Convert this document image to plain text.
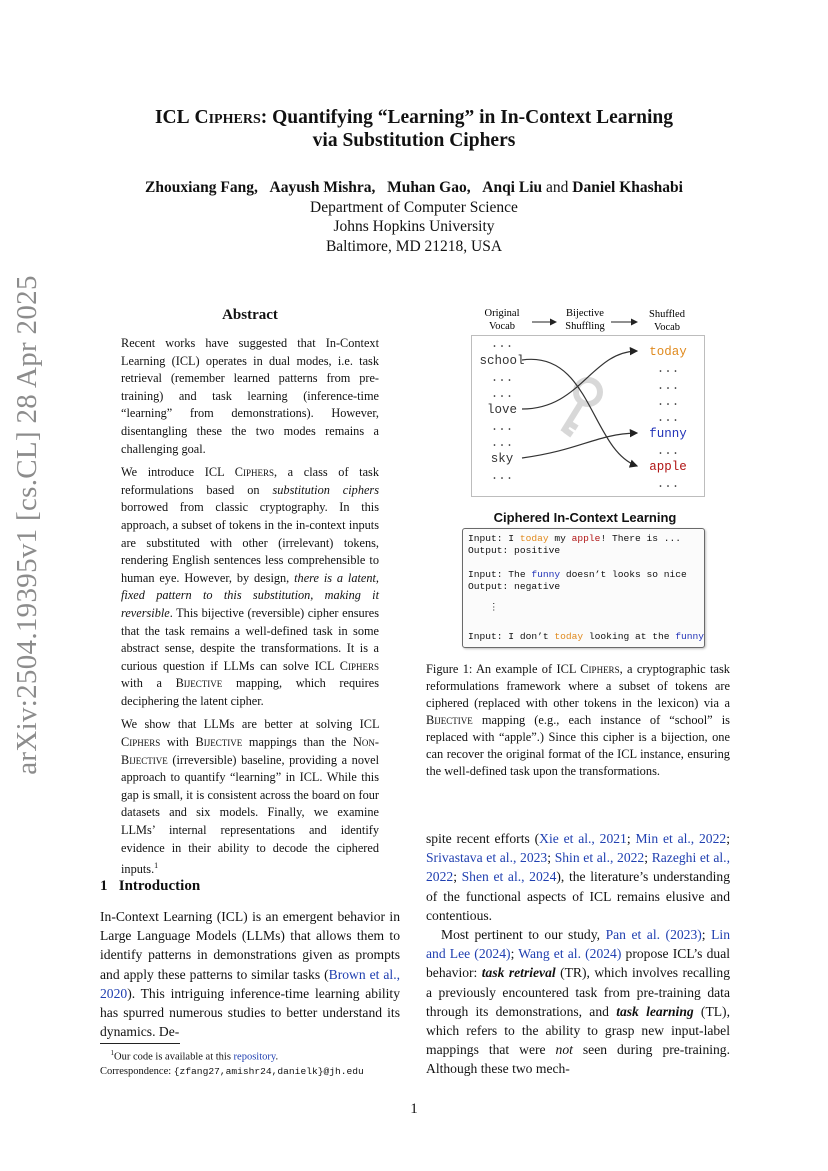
arXiv:2504.19395v1 [cs.CL] 28 Apr 2025
ICL Ciphers: Quantifying “Learning” in In-Context Learning
via Substitution Ciphers
Zhouxiang Fang, Aayush Mishra, Muhan Gao, Anqi Liu and Daniel Khashabi
Department of Computer Science
Johns Hopkins University
Baltimore, MD 21218, USA
Abstract

Recent works have suggested that In-Context Learning (ICL) operates in dual modes, i.e. task retrieval (remember learned patterns from pre-training) and task learning (inference-time “learning” from demonstrations). However, disentangling these the two modes remains a challenging goal.

We introduce ICL Ciphers, a class of task reformulations based on substitution ciphers borrowed from classic cryptography. In this approach, a subset of tokens in the in-context inputs are substituted with other (irrelevant) tokens, rendering English sentences less comprehensible to human eye. However, by design, there is a latent, fixed pattern to this substitution, making it reversible. This bijective (reversible) cipher ensures that the task remains a well-defined task in some abstract sense, despite the transformations. It is a curious question if LLMs can solve ICL Ciphers with a Bijective mapping, which requires deciphering the latent cipher.

We show that LLMs are better at solving ICL Ciphers with Bijective mappings than the Non-Bijective (irreversible) baseline, providing a novel approach to quantify “learning” in ICL. While this gap is small, it is consistent across the board on four datasets and six models. Finally, we examine LLMs’ internal representations and identify evidence in their ability to decode the ciphered inputs.$^1$

1 Introduction
In-Context Learning (ICL) is an emergent behavior in Large Language Models (LLMs) that allows them to identify patterns in demonstrations given as prompts and apply these patterns to similar tasks (Brown et al., 2020). This intriguing inference-time learning ability has spurred numerous studies to better understand its dynamics. De-
$^1$Our code is available at this repository.
Correspondence: {zfang27,amishr24,danielk}@jh.edu
Original
Vocab
Bijective
Shuffling
Shuffled
Vocab
...
school
...
...
love
...
...
sky
...
today
...
...
...
...
funny
...
apple
...
Ciphered In-Context Learning
Input: I today my apple! There is ...
Output: positive
Input: The funny doesn’t looks so nice
Output: negative
⋮
Input: I don’t today looking at the funny
Figure 1: An example of ICL Ciphers, a cryptographic task reformulations framework where a subset of tokens are ciphered (replaced with other tokens in the lexicon) via a Bijective mapping (e.g., each instance of “school” is replaced with “apple”.) Since this cipher is a bijection, one can recover the original format of the ICL instance, ensuring the well-defined task upon the transformations.

spite recent efforts (Xie et al., 2021; Min et al., 2022; Srivastava et al., 2023; Shin et al., 2022; Razeghi et al., 2022; Shen et al., 2024), the literature’s understanding of the functional aspects of ICL remains elusive and contentious.

Most pertinent to our study, Pan et al. (2023); Lin and Lee (2024); Wang et al. (2024) propose ICL’s dual behavior: task retrieval (TR), which involves recalling a previously encountered task from pre-training data through its demonstrations, and task learning (TL), which refers to the ability to grasp new input-label mappings that were not seen during pre-training. Although these two mech-

1
